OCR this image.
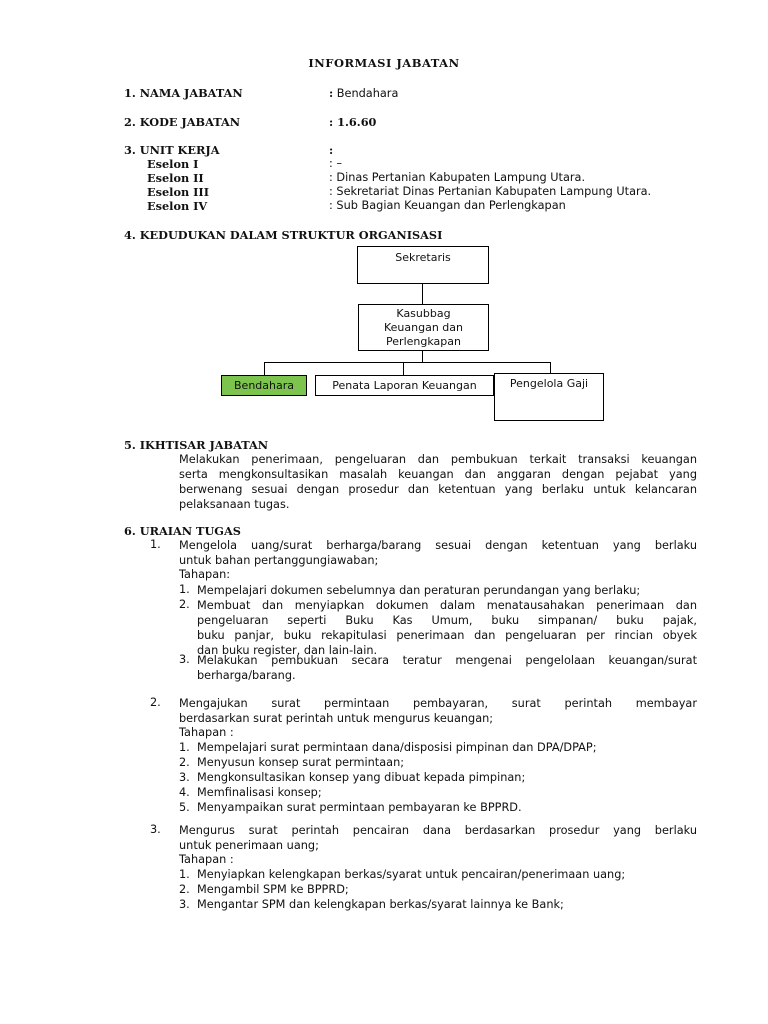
INFORMASI JABATAN
1. NAMA JABATAN	: Bendahara
2. KODE JABATAN	: 1.6.60
3. UNIT KERJA	:
Eselon I	: –
Eselon II	: Dinas Pertanian Kabupaten Lampung Utara.
Eselon III	: Sekretariat Dinas Pertanian Kabupaten Lampung Utara.
Eselon IV	: Sub Bagian Keuangan dan Perlengkapan
4. KEDUDUKAN DALAM STRUKTUR ORGANISASI
Sekretaris
Kasubbag
Keuangan dan
Perlengkapan
Bendahara	Penata Laporan Keuangan	Pengelola Gaji
5. IKHTISAR JABATAN
Melakukan penerimaan, pengeluaran dan pembukuan terkait transaksi keuangan
serta mengkonsultasikan masalah keuangan dan anggaran dengan pejabat yang
berwenang sesuai dengan prosedur dan ketentuan yang berlaku untuk kelancaran
pelaksanaan tugas.
6. URAIAN TUGAS
1. Mengelola uang/surat berharga/barang sesuai dengan ketentuan yang berlaku
untuk bahan pertanggungiawaban;
Tahapan:
1. Mempelajari dokumen sebelumnya dan peraturan perundangan yang berlaku;
2. Membuat dan menyiapkan dokumen dalam menatausahakan penerimaan dan
pengeluaran seperti Buku Kas Umum, buku simpanan/ buku pajak,
buku panjar, buku rekapitulasi penerimaan dan pengeluaran per rincian obyek
dan buku register, dan lain-lain.
3. Melakukan pembukuan secara teratur mengenai pengelolaan keuangan/surat
berharga/barang.
2. Mengajukan surat permintaan pembayaran, surat perintah membayar
berdasarkan surat perintah untuk mengurus keuangan;
Tahapan :
1. Mempelajari surat permintaan dana/disposisi pimpinan dan DPA/DPAP;
2. Menyusun konsep surat permintaan;
3. Mengkonsultasikan konsep yang dibuat kepada pimpinan;
4. Memfinalisasi konsep;
5. Menyampaikan surat permintaan pembayaran ke BPPRD.
3. Mengurus surat perintah pencairan dana berdasarkan prosedur yang berlaku
untuk penerimaan uang;
Tahapan :
1. Menyiapkan kelengkapan berkas/syarat untuk pencairan/penerimaan uang;
2. Mengambil SPM ke BPPRD;
3. Mengantar SPM dan kelengkapan berkas/syarat lainnya ke Bank;
